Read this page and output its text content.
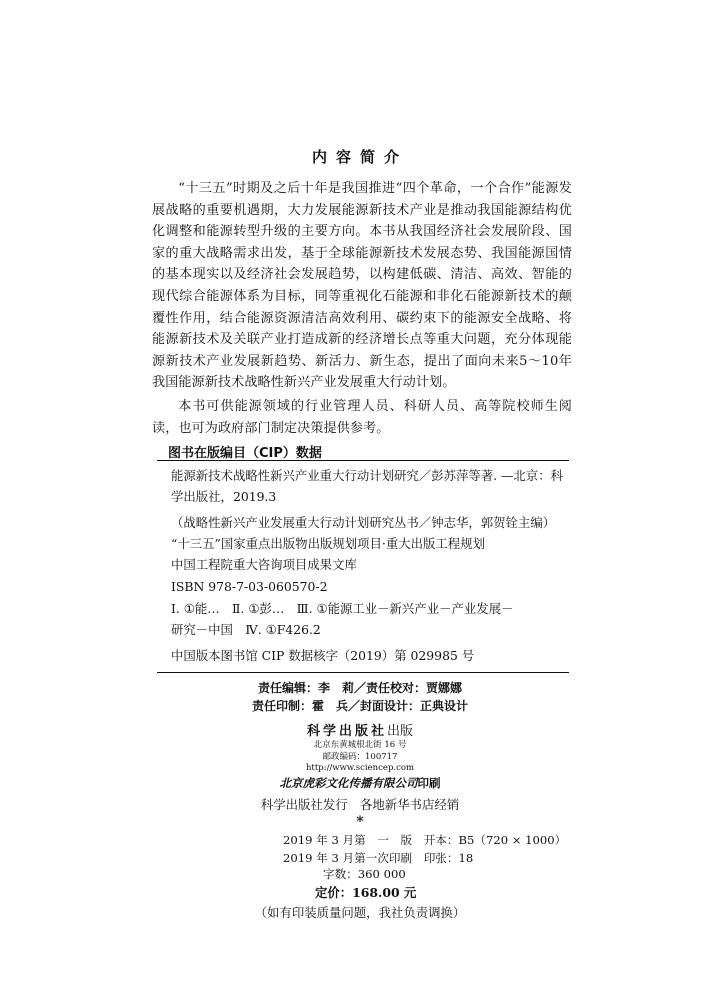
内容简介

“十三五”时期及之后十年是我国推进“四个革命，一个合作”能源发展战略的重要机遇期，大力发展能源新技术产业是推动我国能源结构优化调整和能源转型升级的主要方向。本书从我国经济社会发展阶段、国家的重大战略需求出发，基于全球能源新技术发展态势、我国能源国情的基本现实以及经济社会发展趋势，以构建低碳、清洁、高效、智能的现代综合能源体系为目标，同等重视化石能源和非化石能源新技术的颠覆性作用，结合能源资源清洁高效利用、碳约束下的能源安全战略、将能源新技术及关联产业打造成新的经济增长点等重大问题，充分体现能源新技术产业发展新趋势、新活力、新生态，提出了面向未来5～10年我国能源新技术战略性新兴产业发展重大行动计划。

本书可供能源领域的行业管理人员、科研人员、高等院校师生阅读，也可为政府部门制定决策提供参考。

图书在版编目（CIP）数据
能源新技术战略性新兴产业重大行动计划研究／彭苏萍等著. —北京：科
学出版社，2019.3
（战略性新兴产业发展重大行动计划研究丛书／钟志华，郭贺铨主编）
“十三五”国家重点出版物出版规划项目·重大出版工程规划
中国工程院重大咨询项目成果文库
ISBN 978-7-03-060570-2
Ⅰ. ①能…　Ⅱ. ①彭…　Ⅲ. ①能源工业－新兴产业－产业发展－
研究－中国　Ⅳ. ①F426.2
中国版本图书馆 CIP 数据核字（2019）第 029985 号
责任编辑：李　莉／责任校对：贾娜娜
责任印制：霍　兵／封面设计：正典设计
科学出版社出版
北京东黄城根北街 16 号
邮政编码：100717
http://www.sciencep.com
北京虎彩文化传播有限公司印刷
科学出版社发行　各地新华书店经销
*
2019 年 3 月第　一　版　开本：B5（720 × 1000）
2019 年 3 月第一次印刷　印张：18
字数：360 000
定价：168.00 元
（如有印装质量问题，我社负责调换）
